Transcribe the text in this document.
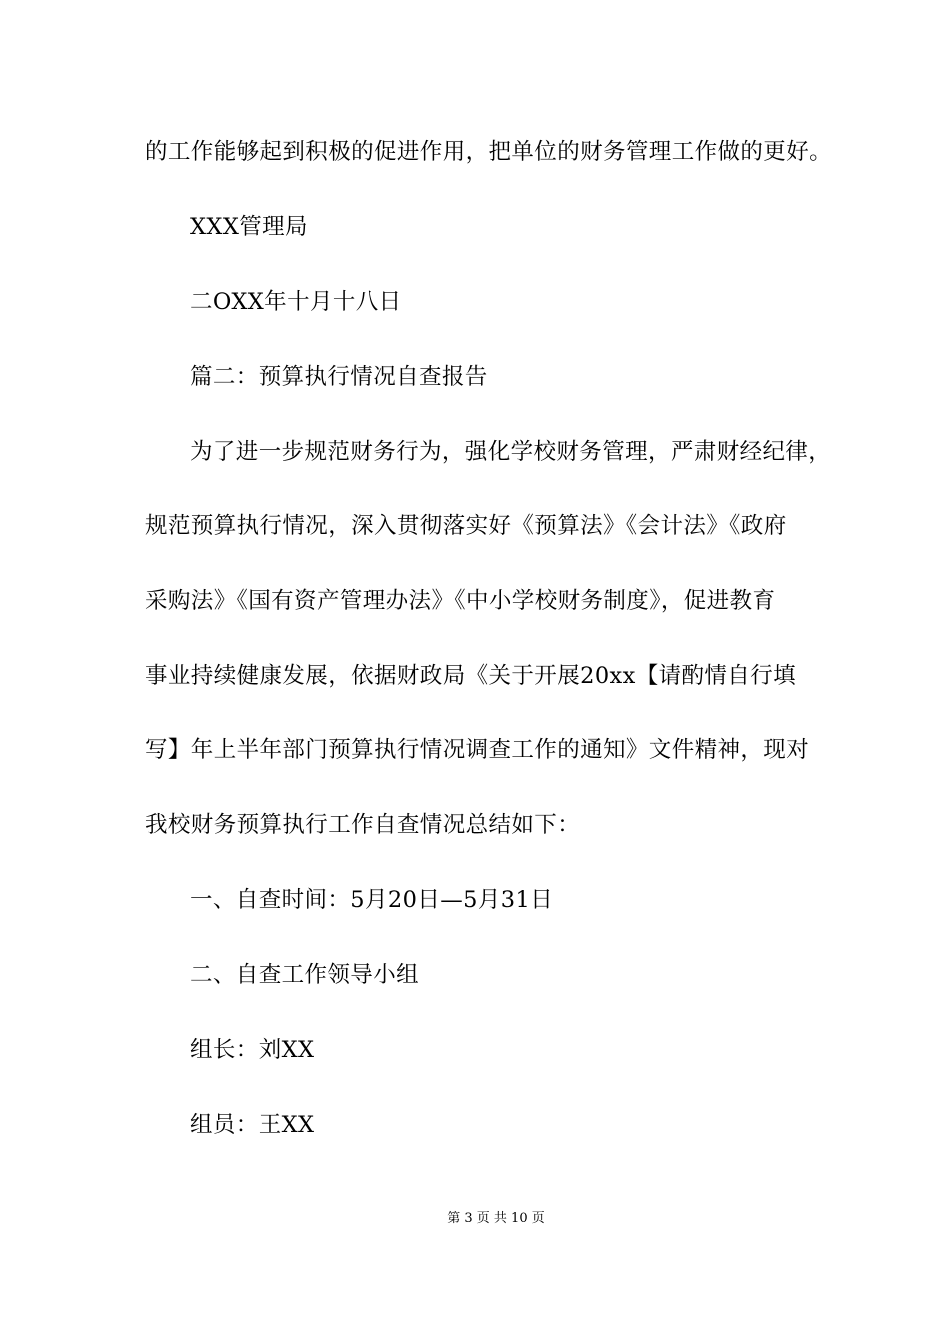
的工作能够起到积极的促进作用，把单位的财务管理工作做的更好。
XXX管理局
二OXX年十月十八日
篇二：预算执行情况自查报告
为了进一步规范财务行为，强化学校财务管理，严肃财经纪律，
规范预算执行情况，深入贯彻落实好《预算法》《会计法》《政府
采购法》《国有资产管理办法》《中小学校财务制度》，促进教育
事业持续健康发展，依据财政局《关于开展20xx【请酌情自行填
写】年上半年部门预算执行情况调查工作的通知》文件精神，现对
我校财务预算执行工作自查情况总结如下：
一、自查时间：5月20日—5月31日
二、自查工作领导小组
组长：刘XX
组员：王XX
第 3 页 共 10 页
